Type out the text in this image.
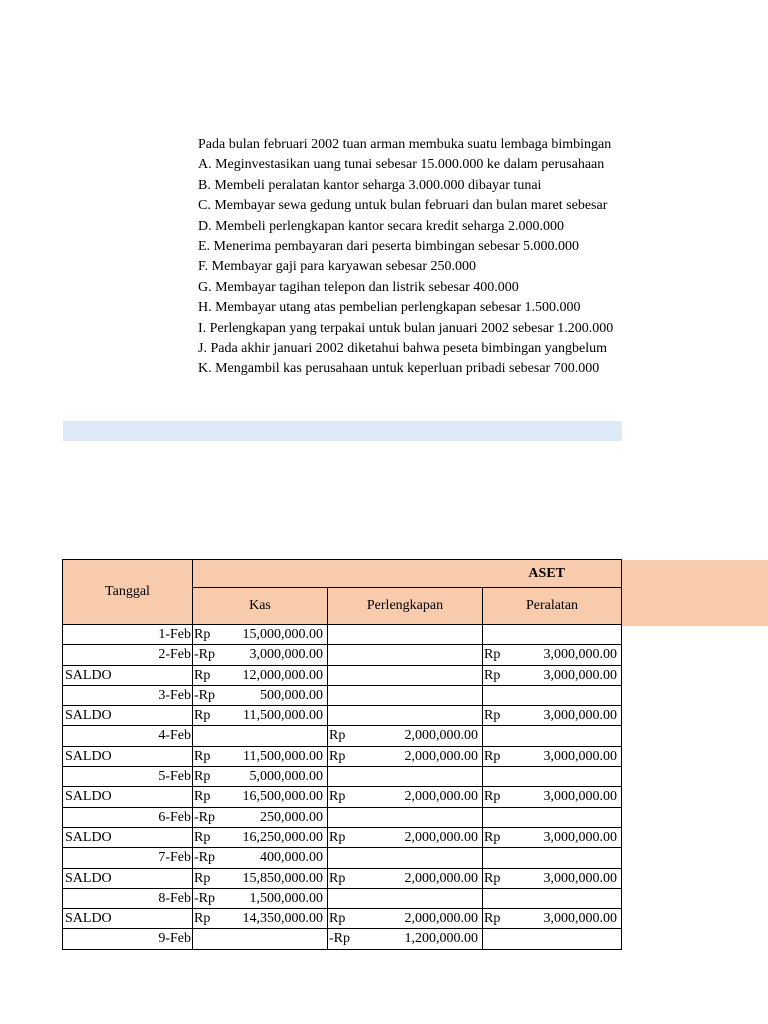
Pada bulan februari 2002 tuan arman membuka suatu lembaga bimbingan
A. Meginvestasikan uang tunai sebesar 15.000.000 ke dalam perusahaan
B. Membeli peralatan kantor seharga 3.000.000 dibayar tunai
C. Membayar sewa gedung untuk bulan februari dan bulan maret sebesar
D. Membeli perlengkapan kantor secara kredit seharga 2.000.000
E. Menerima pembayaran dari peserta bimbingan sebesar 5.000.000
F. Membayar gaji para karyawan sebesar 250.000
G. Membayar tagihan telepon dan listrik sebesar 400.000
H. Membayar utang atas pembelian perlengkapan sebesar 1.500.000
I. Perlengkapan yang terpakai untuk bulan januari 2002 sebesar 1.200.000
J. Pada akhir januari 2002 diketahui bahwa peseta bimbingan yangbelum
K. Mengambil kas perusahaan untuk keperluan pribadi sebesar 700.000
Tanggal	ASET		
	Kas	Perlengkapan	Peralatan
1-Feb	Rp 15,000,000.00		

2-Feb	-Rp 3,000,000.00		Rp 3,000,000.00

SALDO	Rp 12,000,000.00		Rp 3,000,000.00

3-Feb	-Rp 500,000.00		

SALDO	Rp 11,500,000.00		Rp 3,000,000.00

4-Feb		Rp 2,000,000.00	

SALDO	Rp 11,500,000.00	Rp 2,000,000.00	Rp 3,000,000.00

5-Feb	Rp 5,000,000.00		

SALDO	Rp 16,500,000.00	Rp 2,000,000.00	Rp 3,000,000.00

6-Feb	-Rp 250,000.00		

SALDO	Rp 16,250,000.00	Rp 2,000,000.00	Rp 3,000,000.00

7-Feb	-Rp 400,000.00		

SALDO	Rp 15,850,000.00	Rp 2,000,000.00	Rp 3,000,000.00

8-Feb	-Rp 1,500,000.00		

SALDO	Rp 14,350,000.00	Rp 2,000,000.00	Rp 3,000,000.00

9-Feb		-Rp 1,200,000.00	
